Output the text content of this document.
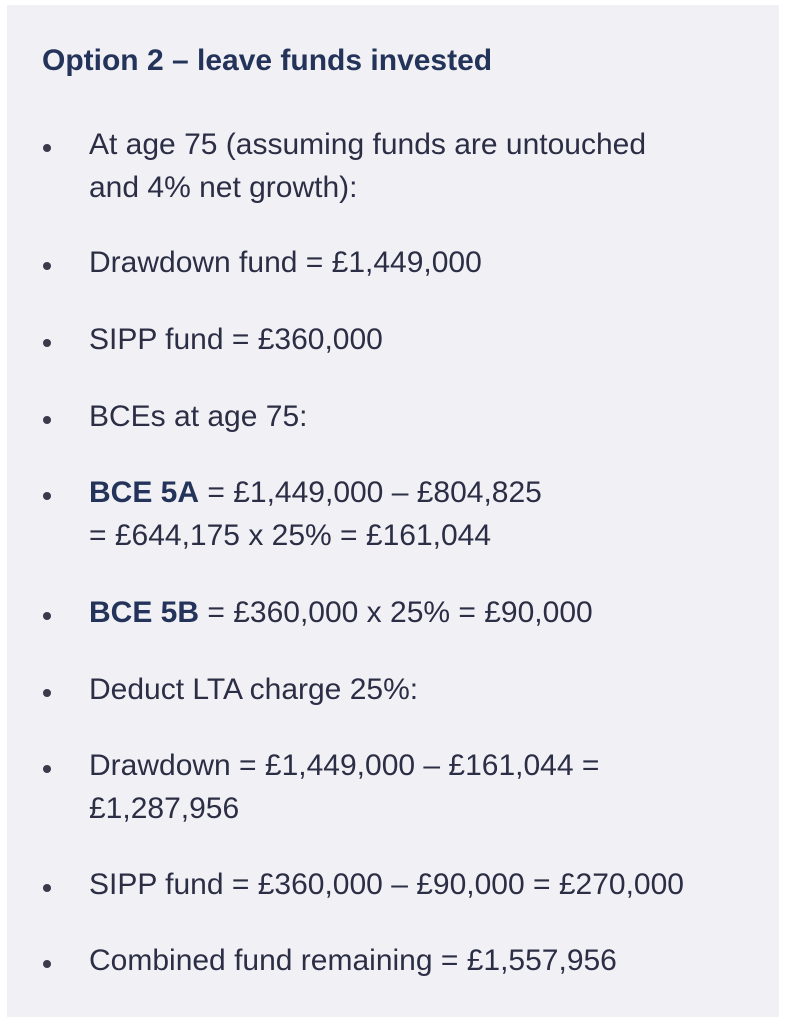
Option 2 – leave funds invested
At age 75 (assuming funds are untouched
and 4% net growth):
Drawdown fund = £1,449,000
SIPP fund = £360,000
BCEs at age 75:
BCE 5A = £1,449,000 – £804,825
= £644,175 x 25% = £161,044
BCE 5B = £360,000 x 25% = £90,000
Deduct LTA charge 25%:
Drawdown = £1,449,000 – £161,044 =
£1,287,956
SIPP fund = £360,000 – £90,000 = £270,000
Combined fund remaining = £1,557,956
